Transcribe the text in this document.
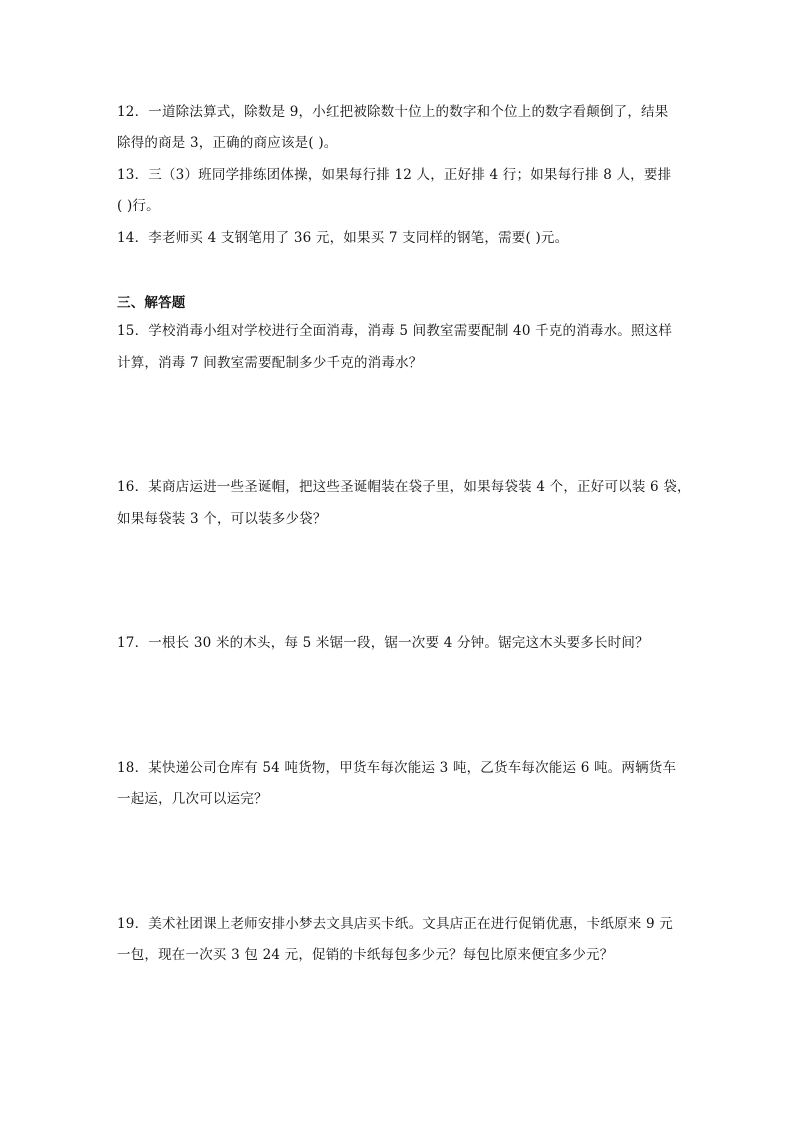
12．一道除法算式，除数是 9，小红把被除数十位上的数字和个位上的数字看颠倒了，结果
除得的商是 3，正确的商应该是( )。
13．三（3）班同学排练团体操，如果每行排 12 人，正好排 4 行；如果每行排 8 人，要排
( )行。
14．李老师买 4 支钢笔用了 36 元，如果买 7 支同样的钢笔，需要( )元。
三、解答题
15．学校消毒小组对学校进行全面消毒，消毒 5 间教室需要配制 40 千克的消毒水。照这样
计算，消毒 7 间教室需要配制多少千克的消毒水？
16．某商店运进一些圣诞帽，把这些圣诞帽装在袋子里，如果每袋装 4 个，正好可以装 6 袋，
如果每袋装 3 个，可以装多少袋？
17．一根长 30 米的木头，每 5 米锯一段，锯一次要 4 分钟。锯完这木头要多长时间？
18．某快递公司仓库有 54 吨货物，甲货车每次能运 3 吨，乙货车每次能运 6 吨。两辆货车
一起运，几次可以运完？
19．美术社团课上老师安排小梦去文具店买卡纸。文具店正在进行促销优惠，卡纸原来 9 元
一包，现在一次买 3 包 24 元，促销的卡纸每包多少元？每包比原来便宜多少元？
